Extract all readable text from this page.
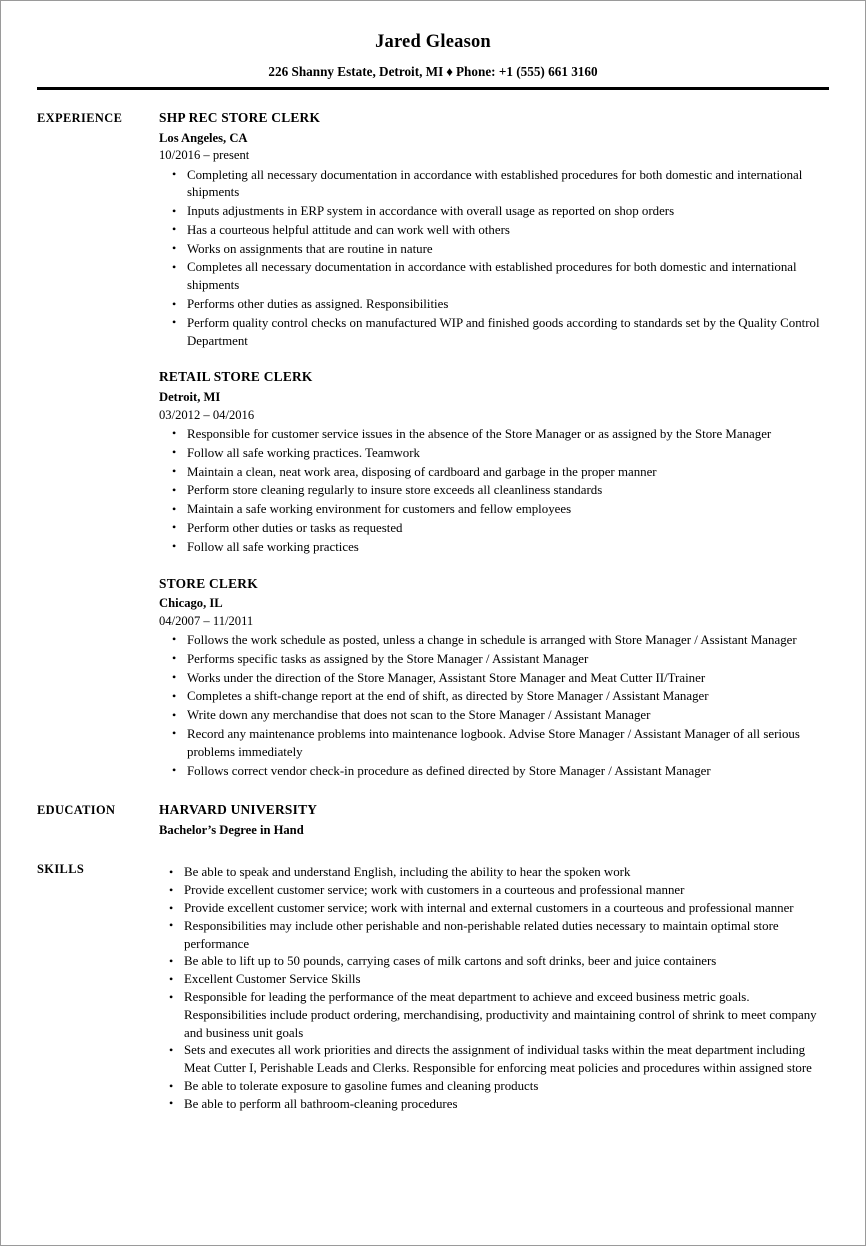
Jared Gleason
226 Shanny Estate, Detroit, MI ♦ Phone: +1 (555) 661 3160
EXPERIENCE	SHP REC STORE CLERK
Los Angeles, CA
10/2016 – present
• Completing all necessary documentation in accordance with established procedures for both domestic and international shipments
• Inputs adjustments in ERP system in accordance with overall usage as reported on shop orders
• Has a courteous helpful attitude and can work well with others
• Works on assignments that are routine in nature
• Completes all necessary documentation in accordance with established procedures for both domestic and international shipments
• Performs other duties as assigned. Responsibilities
• Perform quality control checks on manufactured WIP and finished goods according to standards set by the Quality Control Department
RETAIL STORE CLERK
Detroit, MI
03/2012 – 04/2016
• Responsible for customer service issues in the absence of the Store Manager or as assigned by the Store Manager
• Follow all safe working practices. Teamwork
• Maintain a clean, neat work area, disposing of cardboard and garbage in the proper manner
• Perform store cleaning regularly to insure store exceeds all cleanliness standards
• Maintain a safe working environment for customers and fellow employees
• Perform other duties or tasks as requested
• Follow all safe working practices
STORE CLERK
Chicago, IL
04/2007 – 11/2011
• Follows the work schedule as posted, unless a change in schedule is arranged with Store Manager / Assistant Manager
• Performs specific tasks as assigned by the Store Manager / Assistant Manager
• Works under the direction of the Store Manager, Assistant Store Manager and Meat Cutter II/Trainer
• Completes a shift-change report at the end of shift, as directed by Store Manager / Assistant Manager
• Write down any merchandise that does not scan to the Store Manager / Assistant Manager
• Record any maintenance problems into maintenance logbook. Advise Store Manager / Assistant Manager of all serious problems immediately
• Follows correct vendor check-in procedure as defined directed by Store Manager / Assistant Manager
EDUCATION	HARVARD UNIVERSITY
Bachelor’s Degree in Hand
SKILLS	• Be able to speak and understand English, including the ability to hear the spoken work
• Provide excellent customer service; work with customers in a courteous and professional manner
• Provide excellent customer service; work with internal and external customers in a courteous and professional manner
• Responsibilities may include other perishable and non-perishable related duties necessary to maintain optimal store performance
• Be able to lift up to 50 pounds, carrying cases of milk cartons and soft drinks, beer and juice containers
• Excellent Customer Service Skills
• Responsible for leading the performance of the meat department to achieve and exceed business metric goals. Responsibilities include product ordering, merchandising, productivity and maintaining control of shrink to meet company and business unit goals
• Sets and executes all work priorities and directs the assignment of individual tasks within the meat department including Meat Cutter I, Perishable Leads and Clerks. Responsible for enforcing meat policies and procedures within assigned store
• Be able to tolerate exposure to gasoline fumes and cleaning products
• Be able to perform all bathroom-cleaning procedures
